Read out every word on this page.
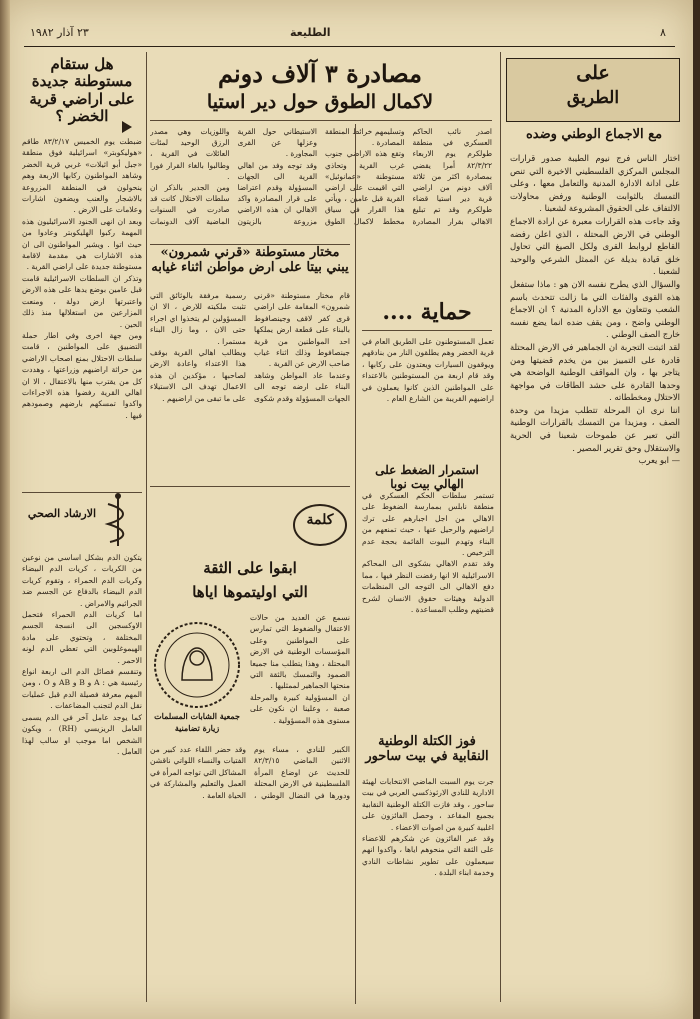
٢٣ آذار ١٩٨٢	الطليعة	٨
على
الطريق
مع الاجماع الوطني وضده
اختار الناس فرج نيوم الطيبة صدور قرارات المجلس المركزي الفلسطيني الاخيرة التي تنص على ادانة الادارة المدنية والتعامل معها ، وعلى التمسك بالثوابت الوطنية ورفض محاولات الالتفاف على الحقوق المشروعة لشعبنا .
وقد جاءت هذه القرارات معبرة عن ارادة الاجماع الوطني في الارض المحتلة ، الذي اعلن رفضه القاطع لروابط القرى ولكل الصيغ التي تحاول خلق قيادة بديلة عن الممثل الشرعي والوحيد لشعبنا .
والسؤال الذي يطرح نفسه الان هو : ماذا ستفعل هذه القوى والفئات التي ما زالت تتحدث باسم الشعب وتتعاون مع الادارة المدنية ؟ ان الاجماع الوطني واضح ، ومن يقف ضده انما يضع نفسه خارج الصف الوطني .
لقد اثبتت التجربة ان الجماهير في الارض المحتلة قادرة على التمييز بين من يخدم قضيتها ومن يتاجر بها ، وان المواقف الوطنية الواضحة هي وحدها القادرة على حشد الطاقات في مواجهة الاحتلال ومخططاته .
اننا نرى ان المرحلة تتطلب مزيدا من وحدة الصف ، ومزيدا من التمسك بالقرارات الوطنية التي تعبر عن طموحات شعبنا في الحرية والاستقلال وحق تقرير المصير .
— ابو يعرب
مصادرة ٣ آلاف دونم
لاكمال الطوق حول دير استيا
اصدر نائب الحاكم العسكري في منطقة طولكرم يوم الاربعاء ٨٢/٣/٢٢ أمرا يقضي بمصادرة اكثر من ثلاثة آلاف دونم من اراضي قرية دير استيا قضاء طولكرم وقد تم تبليغ الاهالي بقرار المصادرة وتسليمهم خرائط المنطقة المصادرة .
وتقع هذه الاراضي جنوب غرب القرية وتحاذي مستوطنة «عمانوئيل» التي اقيمت على اراضي القرية قبل عامين ، ويأتي هذا القرار في سياق مخطط لاكمال الطوق الاستيطاني حول القرية وعزلها عن القرى المجاورة .
وقد توجه وفد من اهالي القرية الى الجهات المسؤولة وقدم اعتراضا على قرار المصادرة واكد الاهالي ان هذه الاراضي مزروعة بالزيتون واللوزيات وهي مصدر الرزق الوحيد لمئات العائلات في القرية ، وطالبوا بالغاء القرار فورا .
ومن الجدير بالذكر ان سلطات الاحتلال كانت قد صادرت في السنوات الماضية آلاف الدونمات

مختار مستوطنة «قرني شمرون» يبني بيتا على ارض مواطن اثناء غيابه
قام مختار مستوطنة «قرني شمرون» المقامة على اراضي قرى كفر لاقف وجينصافوط بالبناء على قطعة ارض يملكها احد المواطنين من قرية جينصافوط وذلك اثناء غياب صاحب الارض عن القرية .
وعندما عاد المواطن وشاهد البناء على ارضه توجه الى الجهات المسؤولة وقدم شكوى رسمية مرفقة بالوثائق التي تثبت ملكيته للارض ، الا ان المسؤولين لم يتخذوا اي اجراء حتى الان ، وما زال البناء مستمرا .
ويطالب اهالي القرية بوقف هذا الاعتداء واعادة الارض لصاحبها ، مؤكدين ان هذه الاعمال تهدف الى الاستيلاء على ما تبقى من اراضيهم .
حماية ....
تعمل المستوطنون على الطريق العام في قرية الخضر وهم يطلقون النار من بنادقهم ويوقفون السيارات ويعتدون على ركابها ، وقد قام اربعة من المستوطنين بالاعتداء على المواطنين الذين كانوا يعملون في اراضيهم القريبة من الشارع العام .
استمرار الضغط على الهالي بيت نوبا
تستمر سلطات الحكم العسكري في منطقة نابلس بممارسة الضغوط على الاهالي من اجل اجبارهم على ترك اراضيهم والرحيل عنها ، حيث تمنعهم من البناء وتهدم البيوت القائمة بحجة عدم الترخيص .
وقد تقدم الاهالي بشكوى الى المحاكم الاسرائيلية الا انها رفضت النظر فيها ، مما دفع الاهالي الى التوجه الى المنظمات الدولية وهيئات حقوق الانسان لشرح قضيتهم وطلب المساعدة .
فوز الكتلة الوطنية النقابية في بيت ساحور
جرت يوم السبت الماضي الانتخابات لهيئة الادارية للنادي الارثوذكسي العربي في بيت ساحور ، وقد فازت الكتلة الوطنية النقابية بجميع المقاعد ، وحصل الفائزون على اغلبية كبيرة من اصوات الاعضاء .
وقد عبر الفائزون عن شكرهم للاعضاء على الثقة التي منحوهم اياها ، واكدوا انهم سيعملون على تطوير نشاطات النادي وخدمة ابناء البلدة .
هل ستقام مستوطنة جديدة على اراضي قرية الخضر ؟
ضبطت يوم الخميس ٨٣/٢/١٧ طاقم «هوليكوبتر» اسرائيلية فوق منطقة «جبل أبو اثيلات» غربي قرية الخضر وشاهد المواطنون ركابها الاربعة وهم ينحولون في المنطقة المزروعة بالاشجار والعنب ويضعون اشارات وعلامات على الارض .
وبعد ان انهى الجنود الاسرائيليون هذه المهمة ركبوا الهليكوبتر وعادوا من حيث اتوا . ويشير المواطنون الى ان هذه الاشارات هي مقدمة لاقامة مستوطنة جديدة على اراضي القرية .
وتذكر ان السلطات الاسرائيلية قامت قبل عامين بوضع يدها على هذه الارض واعتبرتها ارض دولة ، ومنعت المزارعين من استغلالها منذ ذلك الحين .
ومن جهة اخرى وفي اطار حملة التضييق على المواطنين ، قامت سلطات الاحتلال بمنع اصحاب الاراضي من حراثة اراضيهم وزراعتها ، وهددت كل من يقترب منها بالاعتقال ، الا ان اهالي القرية رفضوا هذه الاجراءات واكدوا تمسكهم بارضهم وصمودهم فيها .
الارشاد الصحي
يتكون الدم بشكل اساسي من نوعين من الكريات ، كريات الدم البيضاء وكريات الدم الحمراء ، وتقوم كريات الدم البيضاء بالدفاع عن الجسم ضد الجراثيم والامراض .
اما كريات الدم الحمراء فتحمل الاوكسجين الى انسجة الجسم المختلفة ، وتحتوي على مادة الهيموغلوبين التي تعطي الدم لونه الاحمر .
وتنقسم فصائل الدم الى اربعة انواع رئيسية هي : A و B و AB و O ، ومن المهم معرفة فصيلة الدم قبل عمليات نقل الدم لتجنب المضاعفات .
كما يوجد عامل آخر في الدم يسمى العامل الريزيسي (RH) ، ويكون الشخص اما موجب او سالب لهذا العامل .
كلمة
ابقوا على الثقة
التي اوليتموها اياها
نسمع عن العديد من حالات الاعتقال والضغوط التي تمارس على المواطنين وعلى المؤسسات الوطنية في الارض المحتلة ، وهذا يتطلب منا جميعا الصمود والتمسك بالثقة التي منحتها الجماهير لممثليها .
ان المسؤولية كبيرة والمرحلة صعبة ، وعلينا ان نكون على مستوى هذه المسؤولية .
جمعية الشابات المسلمات
زيارة تضامنية
الكبير للنادي ، مساء يوم الاثنين الماضي ٨٢/٣/١٥ للحديث عن اوضاع المرأة الفلسطينية في الارض المحتلة ودورها في النضال الوطني ، وقد حضر اللقاء عدد كبير من الفتيات والنساء اللواتي ناقشن المشاكل التي تواجه المرأة في العمل والتعليم والمشاركة في الحياة العامة .
